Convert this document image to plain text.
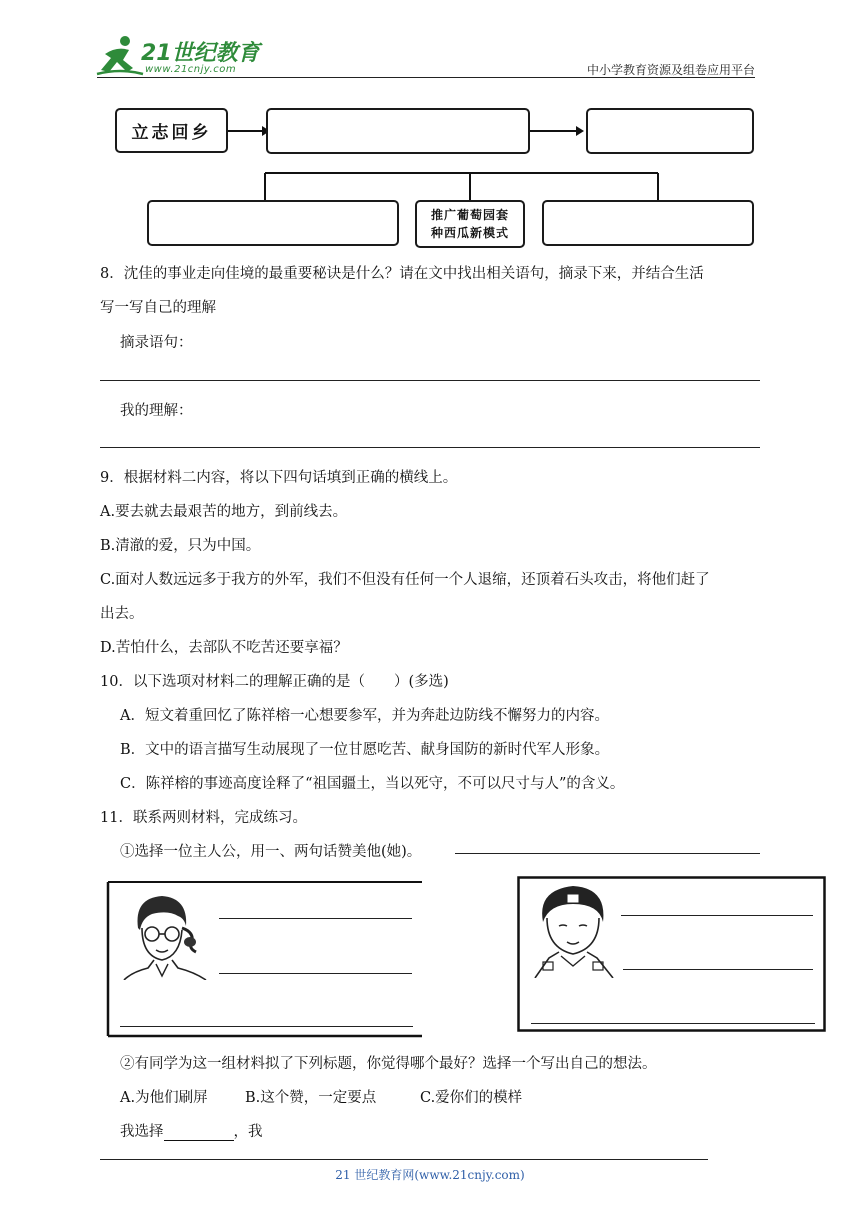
21世纪教育
www.21cnjy.com	中小学教育资源及组卷应用平台
立志回乡
推广葡萄园套
种西瓜新模式
8．沈佳的事业走向佳境的最重要秘诀是什么？请在文中找出相关语句，摘录下来，并结合生活
写一写自己的理解
摘录语句：
我的理解：
9．根据材料二内容，将以下四句话填到正确的横线上。
A.要去就去最艰苦的地方，到前线去。
B.清澈的爱，只为中国。
C.面对人数远远多于我方的外军，我们不但没有任何一个人退缩，还顶着石头攻击，将他们赶了
出去。
D.苦怕什么，去部队不吃苦还要享福？
10．以下选项对材料二的理解正确的是（　　）(多选)
A．短文着重回忆了陈祥榕一心想要参军，并为奔赴边防线不懈努力的内容。
B．文中的语言描写生动展现了一位甘愿吃苦、献身国防的新时代军人形象。
C．陈祥榕的事迹高度诠释了“祖国疆土，当以死守，不可以尺寸与人”的含义。
11．联系两则材料，完成练习。
①选择一位主人公，用一、两句话赞美他(她)。
②有同学为这一组材料拟了下列标题，你觉得哪个最好？选择一个写出自己的想法。
A.为他们刷屏	B.这个赞，一定要点	C.爱你们的模样
我选择	，我
21 世纪教育网(www.21cnjy.com)
